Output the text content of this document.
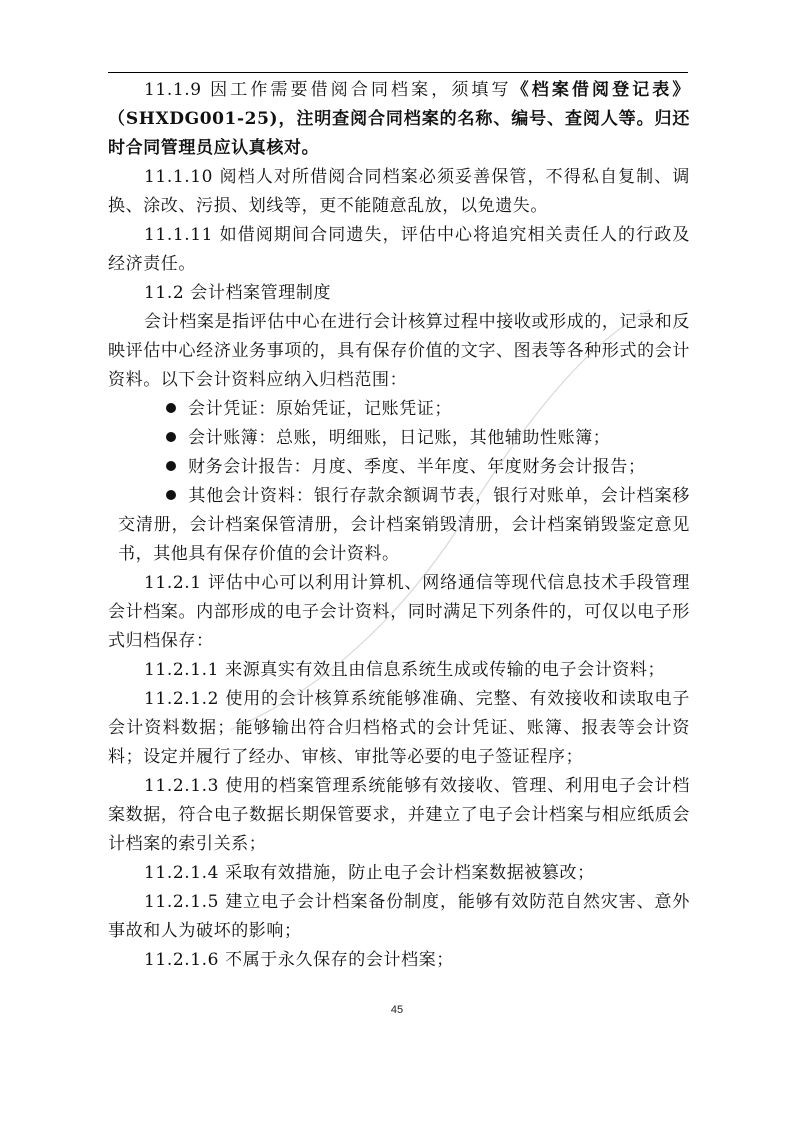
11.1.9 因工作需要借阅合同档案，须填写《档案借阅登记表》（SHXDG001-25)，注明查阅合同档案的名称、编号、查阅人等。归还时合同管理员应认真核对。

11.1.10 阅档人对所借阅合同档案必须妥善保管，不得私自复制、调换、涂改、污损、划线等，更不能随意乱放，以免遗失。

11.1.11 如借阅期间合同遗失，评估中心将追究相关责任人的行政及经济责任。

11.2 会计档案管理制度

会计档案是指评估中心在进行会计核算过程中接收或形成的，记录和反映评估中心经济业务事项的，具有保存价值的文字、图表等各种形式的会计资料。以下会计资料应纳入归档范围：

会计凭证：原始凭证，记账凭证；

会计账簿：总账，明细账，日记账，其他辅助性账簿；

财务会计报告：月度、季度、半年度、年度财务会计报告；

其他会计资料：银行存款余额调节表，银行对账单，会计档案移交清册，会计档案保管清册，会计档案销毁清册，会计档案销毁鉴定意见书，其他具有保存价值的会计资料。

11.2.1 评估中心可以利用计算机、网络通信等现代信息技术手段管理会计档案。内部形成的电子会计资料，同时满足下列条件的，可仅以电子形式归档保存：

11.2.1.1 来源真实有效且由信息系统生成或传输的电子会计资料；

11.2.1.2 使用的会计核算系统能够准确、完整、有效接收和读取电子会计资料数据；能够输出符合归档格式的会计凭证、账簿、报表等会计资料；设定并履行了经办、审核、审批等必要的电子签证程序；

11.2.1.3 使用的档案管理系统能够有效接收、管理、利用电子会计档案数据，符合电子数据长期保管要求，并建立了电子会计档案与相应纸质会计档案的索引关系；

11.2.1.4 采取有效措施，防止电子会计档案数据被篡改；

11.2.1.5 建立电子会计档案备份制度，能够有效防范自然灾害、意外事故和人为破坏的影响；

11.2.1.6 不属于永久保存的会计档案；

45
